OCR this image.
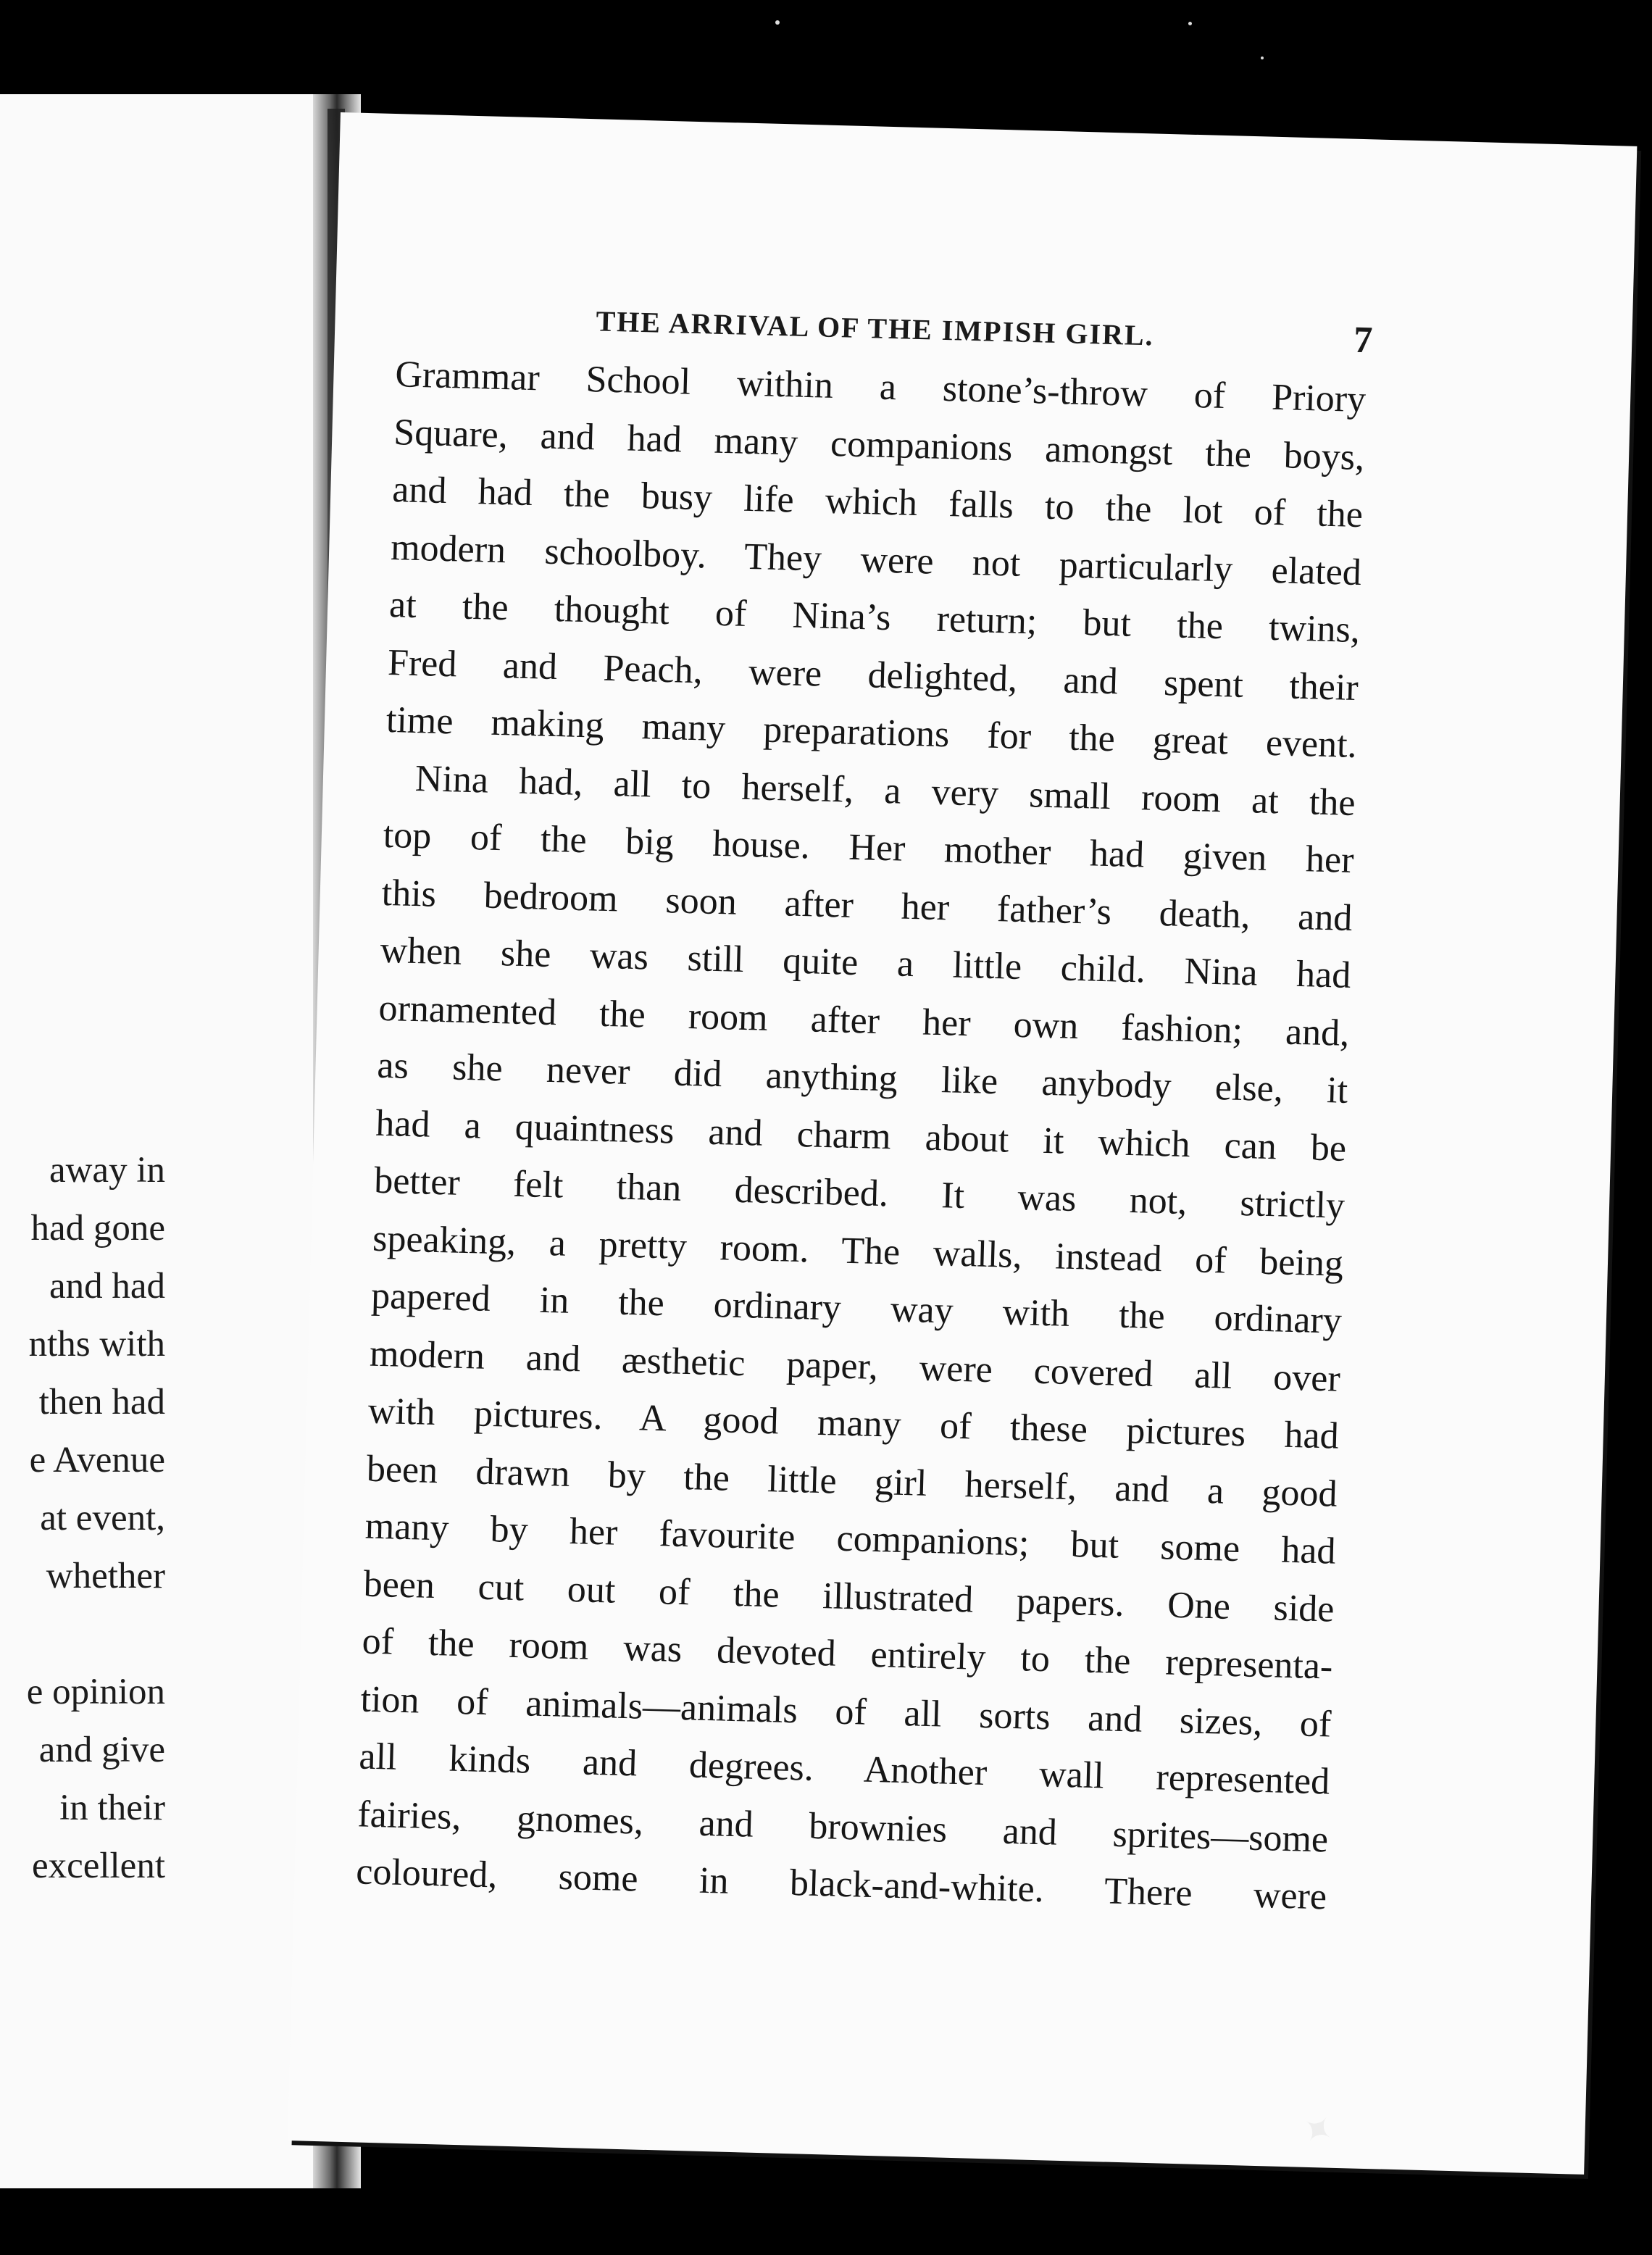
away in
had gone
and had
nths with
then had
e Avenue
at event,
whether
e opinion
and give
in their
excellent
THE ARRIVAL OF THE IMPISH GIRL.	7
Grammar School within a stone’s-throw of Priory
Square, and had many companions amongst the boys,
and had the busy life which falls to the lot of the
modern schoolboy. They were not particularly elated
at the thought of Nina’s return; but the twins,
Fred and Peach, were delighted, and spent their
time making many preparations for the great event.
Nina had, all to herself, a very small room at the
top of the big house. Her mother had given her
this bedroom soon after her father’s death, and
when she was still quite a little child. Nina had
ornamented the room after her own fashion; and,
as she never did anything like anybody else, it
had a quaintness and charm about it which can be
better felt than described. It was not, strictly
speaking, a pretty room. The walls, instead of being
papered in the ordinary way with the ordinary
modern and æsthetic paper, were covered all over
with pictures. A good many of these pictures had
been drawn by the little girl herself, and a good
many by her favourite companions; but some had
been cut out of the illustrated papers. One side
of the room was devoted entirely to the representa-
tion of animals—animals of all sorts and sizes, of
all kinds and degrees. Another wall represented
fairies, gnomes, and brownies and sprites—some
coloured, some in black-and-white. There were
✦
